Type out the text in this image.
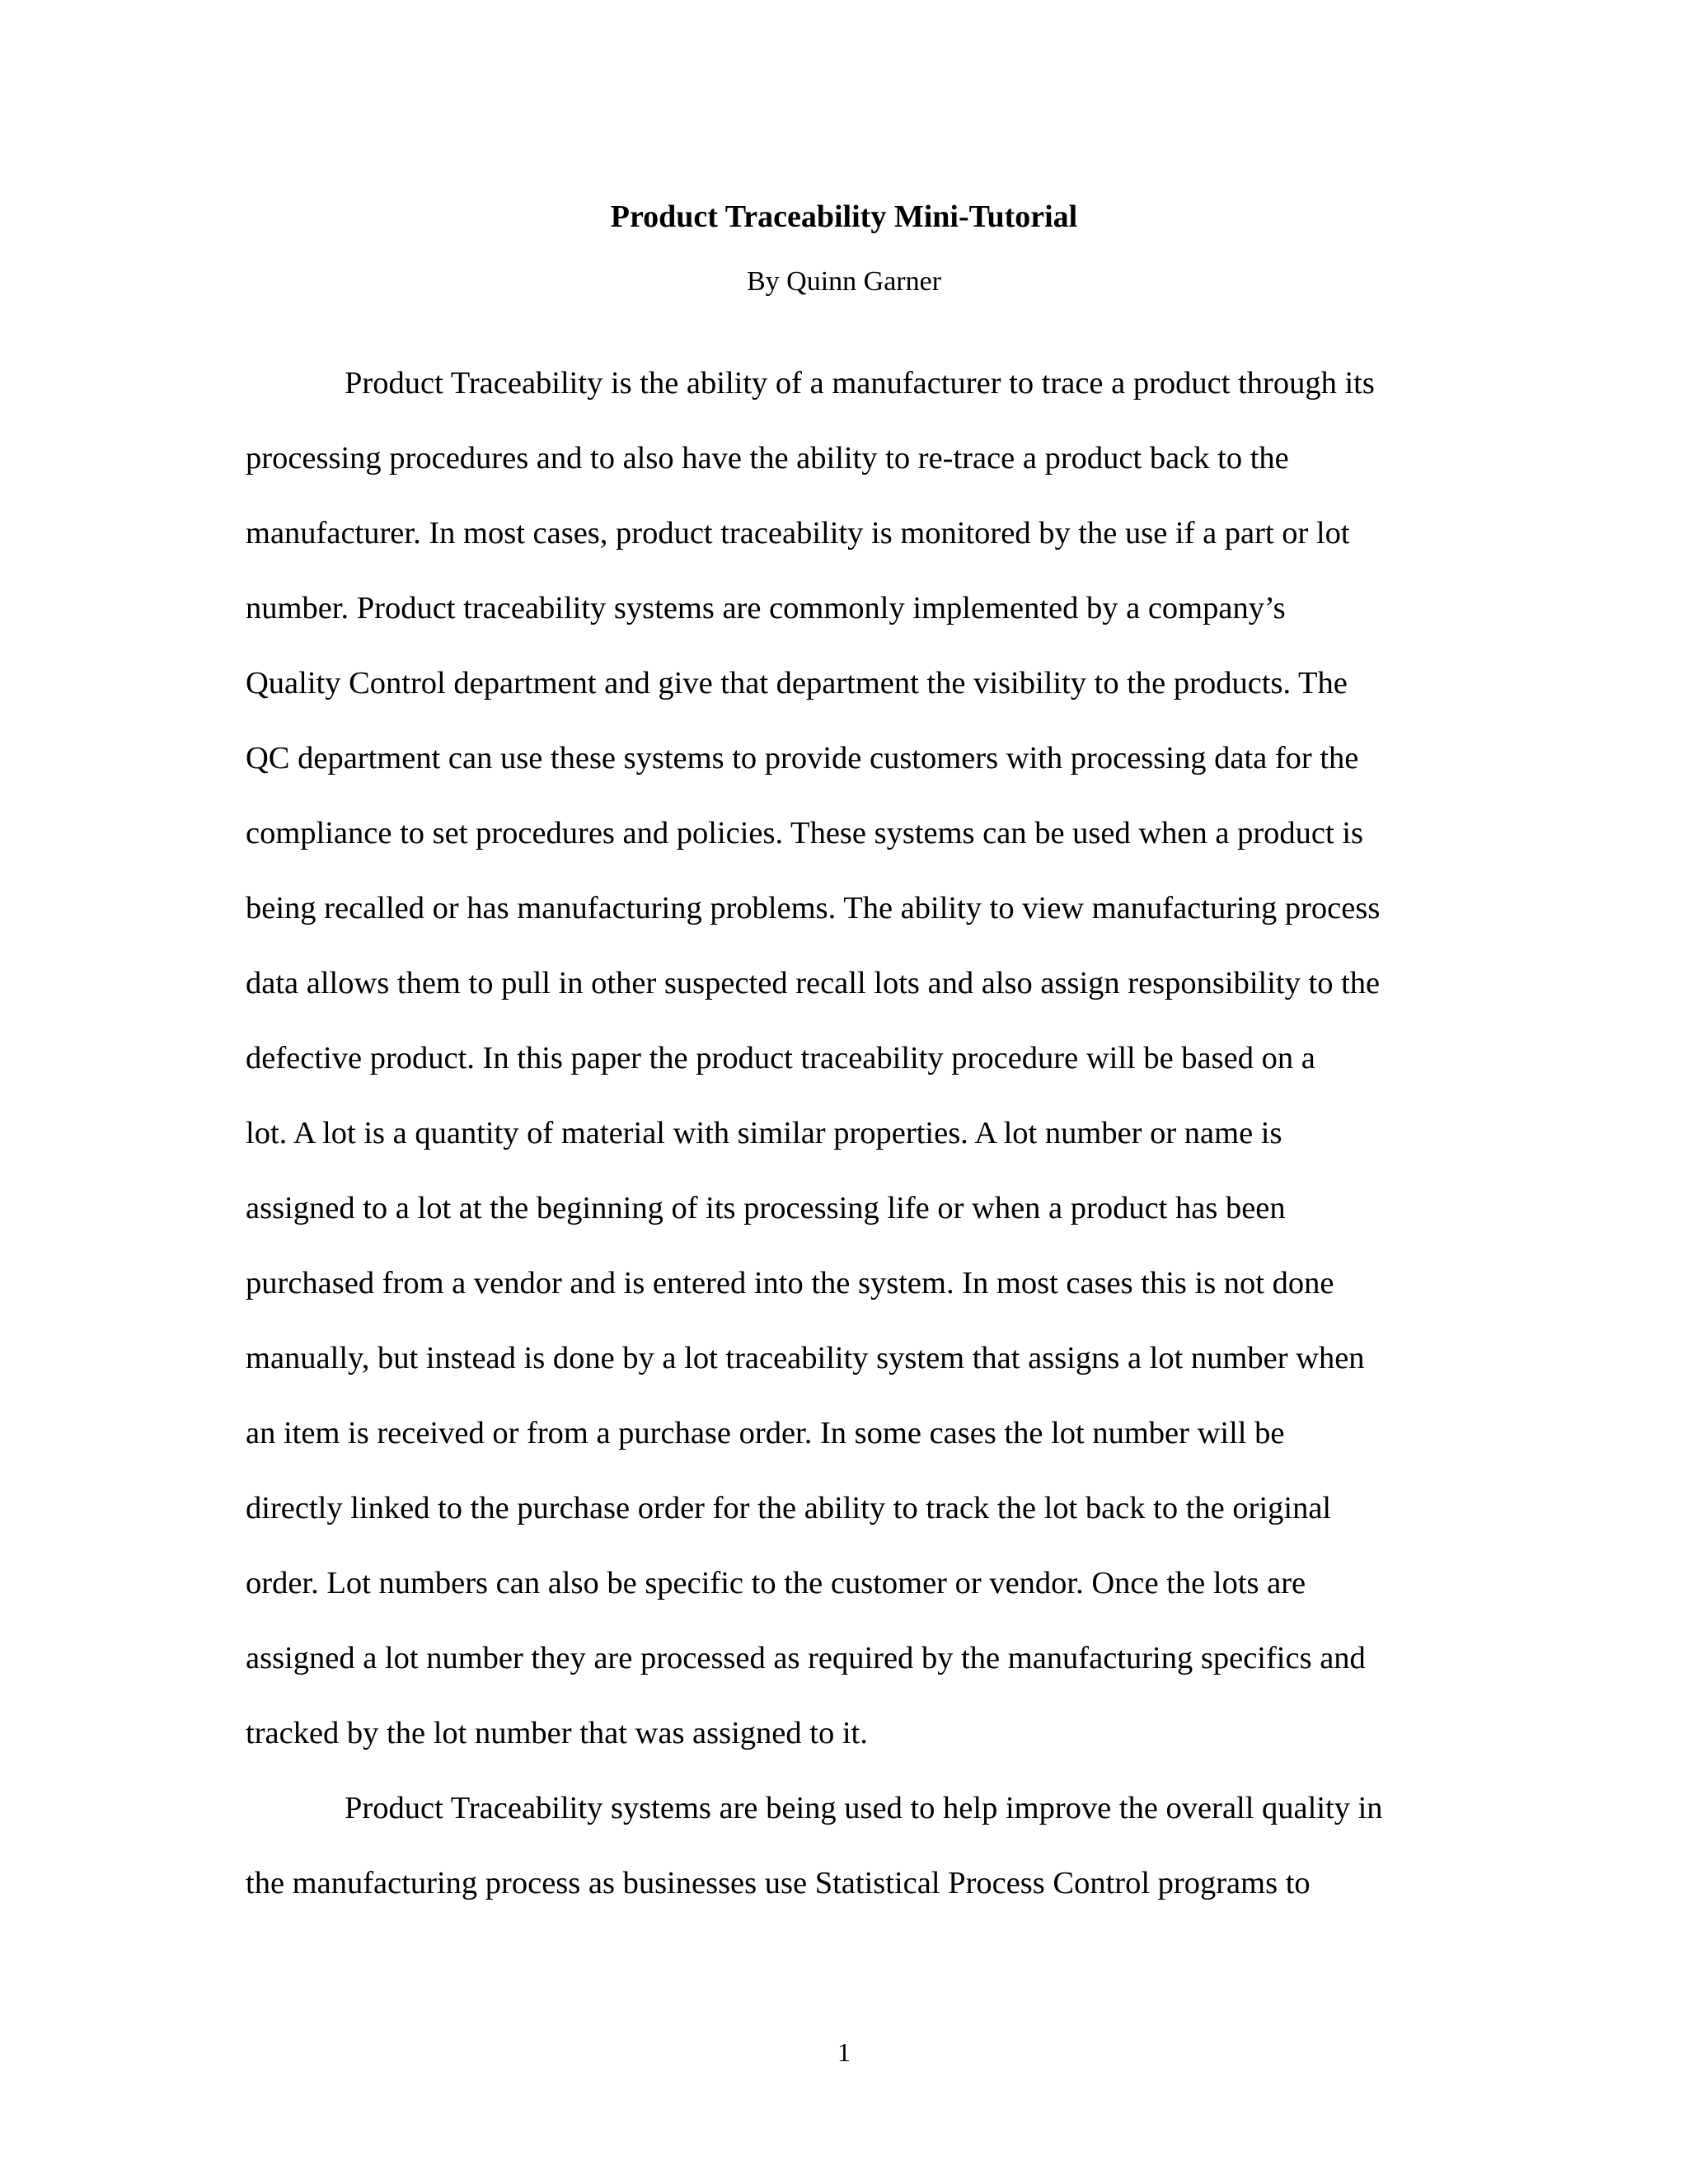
Product Traceability Mini-Tutorial

By Quinn Garner

Product Traceability is the ability of a manufacturer to trace a product through its
processing procedures and to also have the ability to re-trace a product back to the
manufacturer. In most cases, product traceability is monitored by the use if a part or lot
number. Product traceability systems are commonly implemented by a company’s
Quality Control department and give that department the visibility to the products. The
QC department can use these systems to provide customers with processing data for the
compliance to set procedures and policies. These systems can be used when a product is
being recalled or has manufacturing problems. The ability to view manufacturing process
data allows them to pull in other suspected recall lots and also assign responsibility to the
defective product. In this paper the product traceability procedure will be based on a
lot. A lot is a quantity of material with similar properties. A lot number or name is
assigned to a lot at the beginning of its processing life or when a product has been
purchased from a vendor and is entered into the system. In most cases this is not done
manually, but instead is done by a lot traceability system that assigns a lot number when
an item is received or from a purchase order. In some cases the lot number will be
directly linked to the purchase order for the ability to track the lot back to the original
order. Lot numbers can also be specific to the customer or vendor. Once the lots are
assigned a lot number they are processed as required by the manufacturing specifics and
tracked by the lot number that was assigned to it.
Product Traceability systems are being used to help improve the overall quality in
the manufacturing process as businesses use Statistical Process Control programs to

1
